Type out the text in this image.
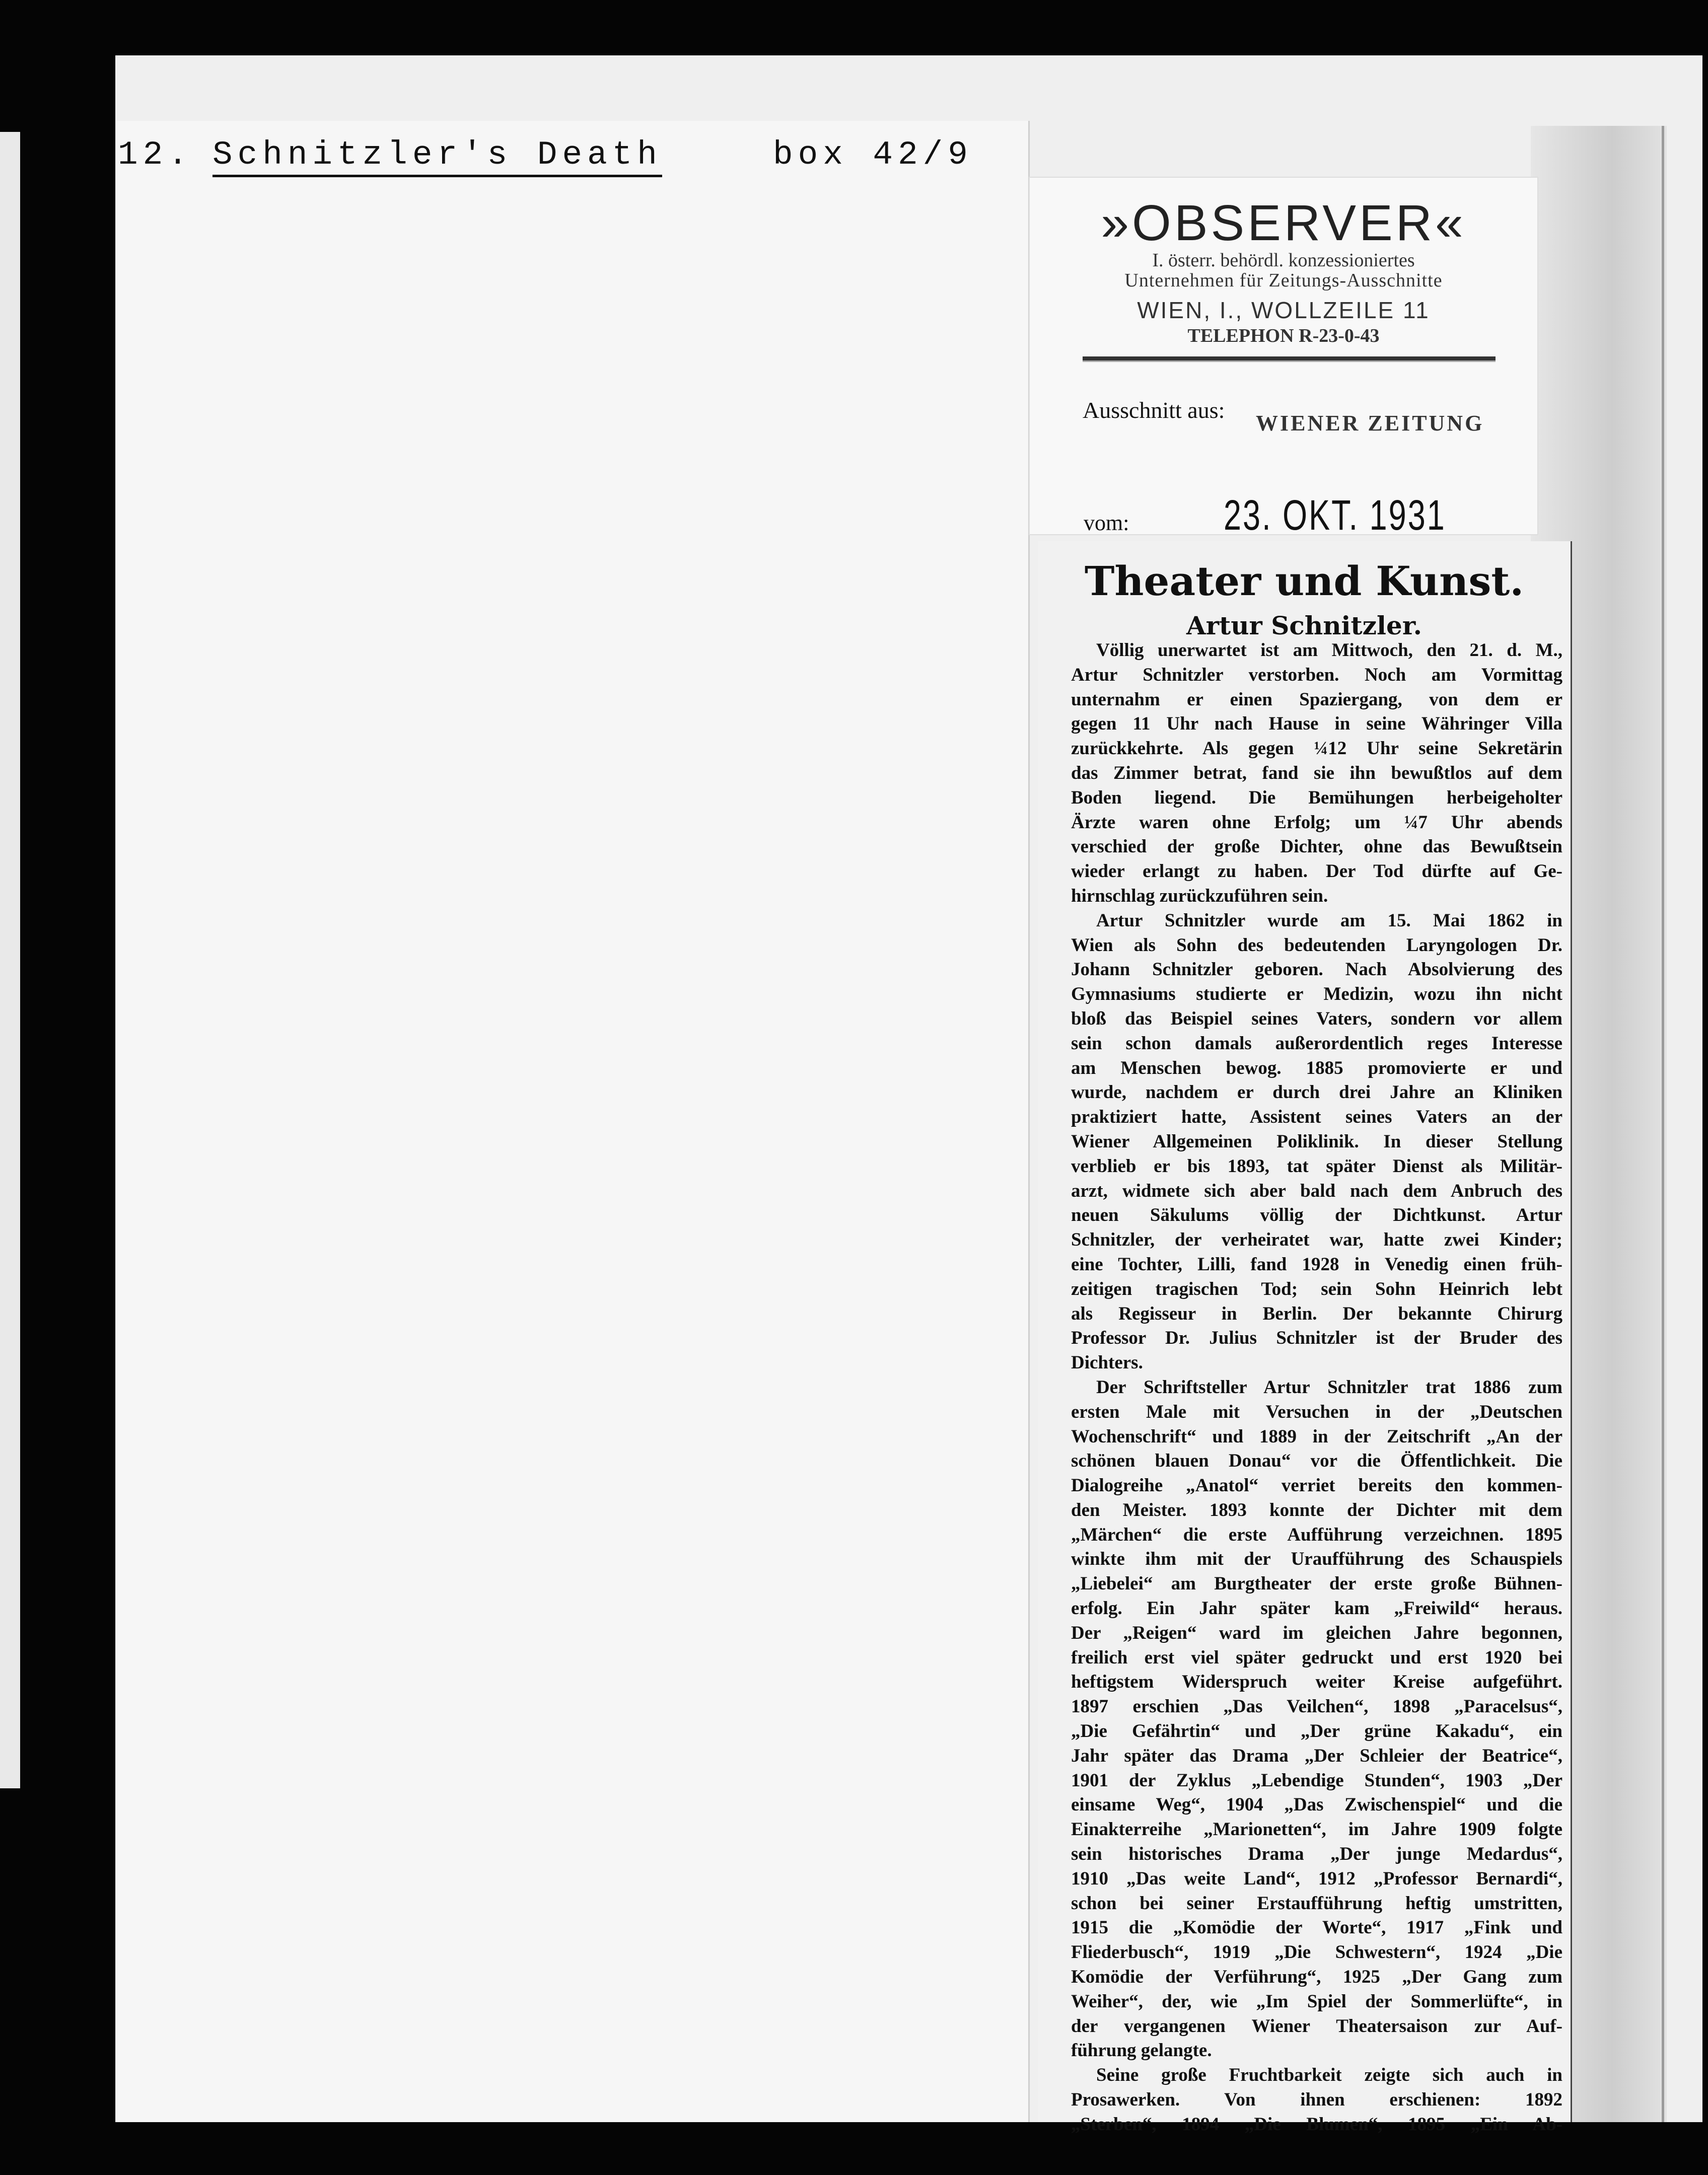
12. Schnitzler's Death	box 42/9
»OBSERVER«
I. österr. behördl. konzessioniertes
Unternehmen für Zeitungs-Ausschnitte
WIEN, I., WOLLZEILE 11
TELEPHON R-23-0-43
Ausschnitt aus:
WIENER ZEITUNG
vom: 23. OKT. 1931
Theater und Kunst.
Artur Schnitzler.
Völlig unerwartet ist am Mittwoch, den 21. d. M.,
Artur Schnitzler verstorben. Noch am Vormittag
unternahm er einen Spaziergang, von dem er
gegen 11 Uhr nach Hause in seine Währinger Villa
zurückkehrte. Als gegen ¼12 Uhr seine Sekretärin
das Zimmer betrat, fand sie ihn bewußtlos auf dem
Boden liegend. Die Bemühungen herbeigeholter
Ärzte waren ohne Erfolg; um ¼7 Uhr abends
verschied der große Dichter, ohne das Bewußtsein
wieder erlangt zu haben. Der Tod dürfte auf Ge-
hirnschlag zurückzuführen sein.
Artur Schnitzler wurde am 15. Mai 1862 in
Wien als Sohn des bedeutenden Laryngologen Dr.
Johann Schnitzler geboren. Nach Absolvierung des
Gymnasiums studierte er Medizin, wozu ihn nicht
bloß das Beispiel seines Vaters, sondern vor allem
sein schon damals außerordentlich reges Interesse
am Menschen bewog. 1885 promovierte er und
wurde, nachdem er durch drei Jahre an Kliniken
praktiziert hatte, Assistent seines Vaters an der
Wiener Allgemeinen Poliklinik. In dieser Stellung
verblieb er bis 1893, tat später Dienst als Militär-
arzt, widmete sich aber bald nach dem Anbruch des
neuen Säkulums völlig der Dichtkunst. Artur
Schnitzler, der verheiratet war, hatte zwei Kinder;
eine Tochter, Lilli, fand 1928 in Venedig einen früh-
zeitigen tragischen Tod; sein Sohn Heinrich lebt
als Regisseur in Berlin. Der bekannte Chirurg
Professor Dr. Julius Schnitzler ist der Bruder des
Dichters.
Der Schriftsteller Artur Schnitzler trat 1886 zum
ersten Male mit Versuchen in der „Deutschen
Wochenschrift“ und 1889 in der Zeitschrift „An der
schönen blauen Donau“ vor die Öffentlichkeit. Die
Dialogreihe „Anatol“ verriet bereits den kommen-
den Meister. 1893 konnte der Dichter mit dem
„Märchen“ die erste Aufführung verzeichnen. 1895
winkte ihm mit der Uraufführung des Schauspiels
„Liebelei“ am Burgtheater der erste große Bühnen-
erfolg. Ein Jahr später kam „Freiwild“ heraus.
Der „Reigen“ ward im gleichen Jahre begonnen,
freilich erst viel später gedruckt und erst 1920 bei
heftigstem Widerspruch weiter Kreise aufgeführt.
1897 erschien „Das Veilchen“, 1898 „Paracelsus“,
„Die Gefährtin“ und „Der grüne Kakadu“, ein
Jahr später das Drama „Der Schleier der Beatrice“,
1901 der Zyklus „Lebendige Stunden“, 1903 „Der
einsame Weg“, 1904 „Das Zwischenspiel“ und die
Einakterreihe „Marionetten“, im Jahre 1909 folgte
sein historisches Drama „Der junge Medardus“,
1910 „Das weite Land“, 1912 „Professor Bernardi“,
schon bei seiner Erstaufführung heftig umstritten,
1915 die „Komödie der Worte“, 1917 „Fink und
Fliederbusch“, 1919 „Die Schwestern“, 1924 „Die
Komödie der Verführung“, 1925 „Der Gang zum
Weiher“, der, wie „Im Spiel der Sommerlüfte“, in
der vergangenen Wiener Theatersaison zur Auf-
führung gelangte.
Seine große Fruchtbarkeit zeigte sich auch in
Prosawerken. Von ihnen erschienen: 1892
„Sterben“, 1894 „Die Blumen“, 1895 „Ein Ab-
